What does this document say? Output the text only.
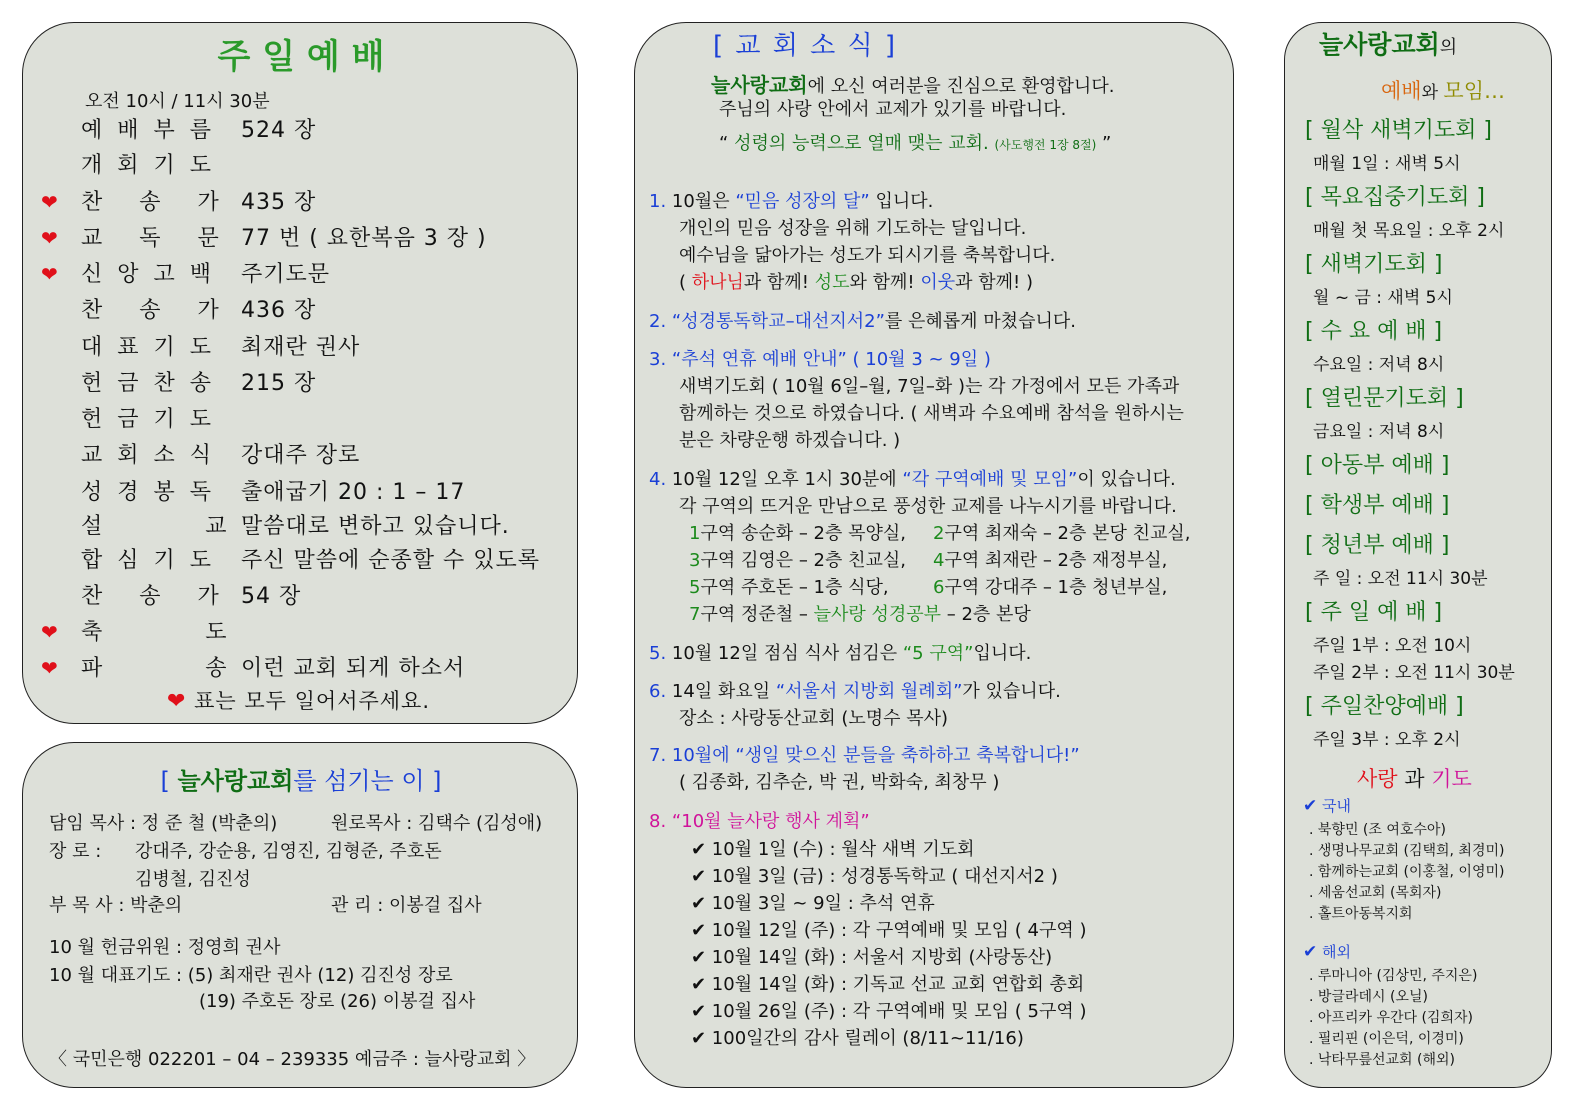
주 일 예 배
오전 10시 / 11시 30분
예 배 부 름 524 장
개 회 기 도
❤ 찬   송   가 435 장
❤ 교   독   문 77 번 ( 요한복음 3 장 )
❤ 신 앙 고 백 주기도문
찬   송   가 436 장
대 표 기 도 최재란 권사
헌 금 찬 송 215 장
헌 금 기 도
교 회 소 식 강대주 장로
성 경 봉 독 출애굽기 20 : 1 – 17
설         교 말씀대로 변하고 있습니다.
합 심 기 도 주신 말씀에 순종할 수 있도록
찬   송   가 54 장
❤ 축         도
❤ 파         송 이런 교회 되게 하소서
❤ 표는 모두 일어서주세요.
[ 늘사랑교회를 섬기는 이 ]
담임 목사 : 정 준 철 (박춘의)	원로목사 : 김택수 (김성애)
장 로 : 강대주, 강순용, 김영진, 김형준, 주호돈
김병철, 김진성
부 목 사 : 박춘의	관 리 : 이봉걸 집사
10 월 헌금위원 : 정영희 권사
10 월 대표기도 : (5) 최재란 권사 (12) 김진성 장로
(19) 주호돈 장로 (26) 이봉걸 집사
〈 국민은행 022201 – 04 – 239335 예금주 : 늘사랑교회 〉
[ 교 회 소 식 ]
늘사랑교회에 오신 여러분을 진심으로 환영합니다.
주님의 사랑 안에서 교제가 있기를 바랍니다.
“ 성령의 능력으로 열매 맺는 교회. (사도행전 1장 8절) ”
1. 10월은 “믿음 성장의 달” 입니다.
개인의 믿음 성장을 위해 기도하는 달입니다.
예수님을 닮아가는 성도가 되시기를 축복합니다.
( 하나님과 함께! 성도와 함께! 이웃과 함께! )
2. “성경통독학교–대선지서2”를 은혜롭게 마쳤습니다.
3. “추석 연휴 예배 안내” ( 10월 3 ~ 9일 )
새벽기도회 ( 10월 6일–월, 7일–화 )는 각 가정에서 모든 가족과
함께하는 것으로 하였습니다. ( 새벽과 수요예배 참석을 원하시는
분은 차량운행 하겠습니다. )
4. 10월 12일 오후 1시 30분에 “각 구역예배 및 모임”이 있습니다.
각 구역의 뜨거운 만남으로 풍성한 교제를 나누시기를 바랍니다.
1구역 송순화 – 2층 목양실, 2구역 최재숙 – 2층 본당 친교실,
3구역 김영은 – 2층 친교실, 4구역 최재란 – 2층 재정부실,
5구역 주호돈 – 1층 식당, 6구역 강대주 – 1층 청년부실,
7구역 정준철 – 늘사랑 성경공부 – 2층 본당
5. 10월 12일 점심 식사 섬김은 “5 구역”입니다.
6. 14일 화요일 “서울서 지방회 월례회”가 있습니다.
장소 : 사랑동산교회 (노명수 목사)
7. 10월에 “생일 맞으신 분들을 축하하고 축복합니다!”
( 김종화, 김추순, 박 권, 박화숙, 최창무 )
8. “10월 늘사랑 행사 계획”
✔ 10월 1일 (수) : 월삭 새벽 기도회
✔ 10월 3일 (금) : 성경통독학교 ( 대선지서2 )
✔ 10월 3일 ~ 9일 : 추석 연휴
✔ 10월 12일 (주) : 각 구역예배 및 모임 ( 4구역 )
✔ 10월 14일 (화) : 서울서 지방회 (사랑동산)
✔ 10월 14일 (화) : 기독교 선교 교회 연합회 총회
✔ 10월 26일 (주) : 각 구역예배 및 모임 ( 5구역 )
✔ 100일간의 감사 릴레이 (8/11~11/16)
늘사랑교회의
예배와 모임…
[ 월삭 새벽기도회 ]
매월 1일 : 새벽 5시
[ 목요집중기도회 ]
매월 첫 목요일 : 오후 2시
[ 새벽기도회 ]
월 ~ 금 : 새벽 5시
[ 수 요 예 배 ]
수요일 : 저녁 8시
[ 열린문기도회 ]
금요일 : 저녁 8시
[ 아동부 예배 ]
[ 학생부 예배 ]
[ 청년부 예배 ]
주 일 : 오전 11시 30분
[ 주 일 예 배 ]
주일 1부 : 오전 10시
주일 2부 : 오전 11시 30분
[ 주일찬양예배 ]
주일 3부 : 오후 2시
사랑 과 기도
✔ 국내
. 북향민 (조 여호수아)
. 생명나무교회 (김택희, 최경미)
. 함께하는교회 (이홍철, 이영미)
. 세움선교회 (목회자)
. 홀트아동복지회
✔ 해외
. 루마니아 (김상민, 주지은)
. 방글라데시 (오닐)
. 아프리카 우간다 (김희자)
. 필리핀 (이은덕, 이경미)
. 낙타무릎선교회 (해외)
